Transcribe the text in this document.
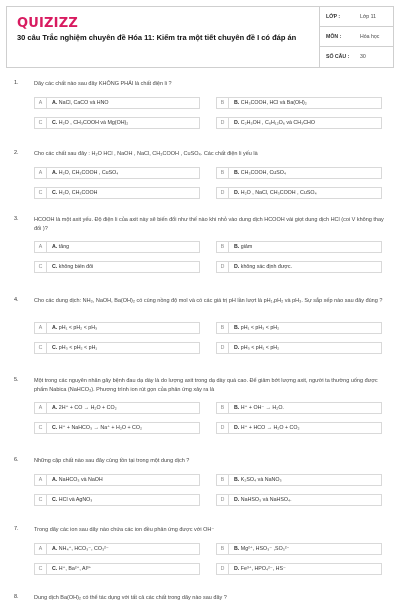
QUIZIZZ
30 câu Trắc nghiệm chuyên đề Hóa 11: Kiểm tra một tiết chuyên đề I có đáp án
LỚP :	Lớp 11
MÔN :	Hóa học
SỐ CÂU :	30
1.	Dãy các chất nào sau đây KHÔNG PHẢI là chất điện li ?
A	A. NaCl, CaCO và HNO	B	B. CH₃COOH, HCl và Ba(OH)₂
C	C. H₂O , CH₃COOH và Mg(OH)₂	D	D. C₂H₅OH , C₆H₁₂O₆ và CH₃CHO
2.	Cho các chất sau đây : H₂O HCl , NaOH , NaCl, CH₃COOH , CuSO₄. Các chất điện li yếu là
A	A. H₂O, CH₃COOH , CuSO₄	B	B. CH₃COOH, CuSO₄
C	C. H₂O, CH₃COOH	D	D. H₂O , NaCl, CH₃COOH , CuSO₄
3.	HCOOH là một axit yếu. Độ điện li của axit này sẽ biến đổi như thế nào khi nhỏ vào dung dịch HCOOH vài giọt dung dịch HCl (coi V không thay đổi )?
A	A. tăng	B	B. giảm
C	C. không biến đổi	D	D. không xác định được.
4.	Cho các dung dịch: NH₃, NaOH, Ba(OH)₂ có cùng nồng độ mol và có các giá trị pH lần lượt là pH₁,pH₂ và pH₃. Sự sắp xếp nào sau đây đúng ?
A	A. pH₁ < pH₂ < pH₃	B	B. pH₁ < pH₃ < pH₂
C	C. pH₃ < pH₂ < pH₁	D	D. pH₃ < pH₁ < pH₂
5.	Một trong các nguyên nhân gây bệnh đau dạ dày là do lượng axit trong dạ dày quá cao. Để giảm bớt lượng axit, người ta thường uống được phẩm Nabica (NaHCO₃). Phương trình ion rút gọn của phản ứng xảy ra là
A	A. 2H⁺ + CO → H₂O + CO₂	B	B. H⁺ + OH⁻ → H₂O.
C	C. H⁺ + NaHCO₃ → Na⁺ + H₂O + CO₂	D	D. H⁺ + HCO → H₂O + CO₂
6.	Những cặp chất nào sau đây cùng tồn tại trong một dung dịch ?
A	A. NaHCO₃ và NaOH	B	B. K₂SO₄ và NaNO₃
C	C. HCl và AgNO₃	D	D. NaHSO₃ và NaHSO₄.
7.	Trong dãy các ion sau dãy nào chứa các ion đều phản ứng được với OH⁻
A	A. NH₄⁺, HCO₃⁻, CO₃²⁻	B	B. Mg²⁺, HSO₃⁻ ,SO₃²⁻
C	C. H⁺, Ba²⁺, Al³⁺	D	D. Fe³⁺, HPO₄²⁻, HS⁻
8.	Dung dịch Ba(OH)₂ có thể tác dụng với tất cả các chất trong dãy nào sau đây ?
